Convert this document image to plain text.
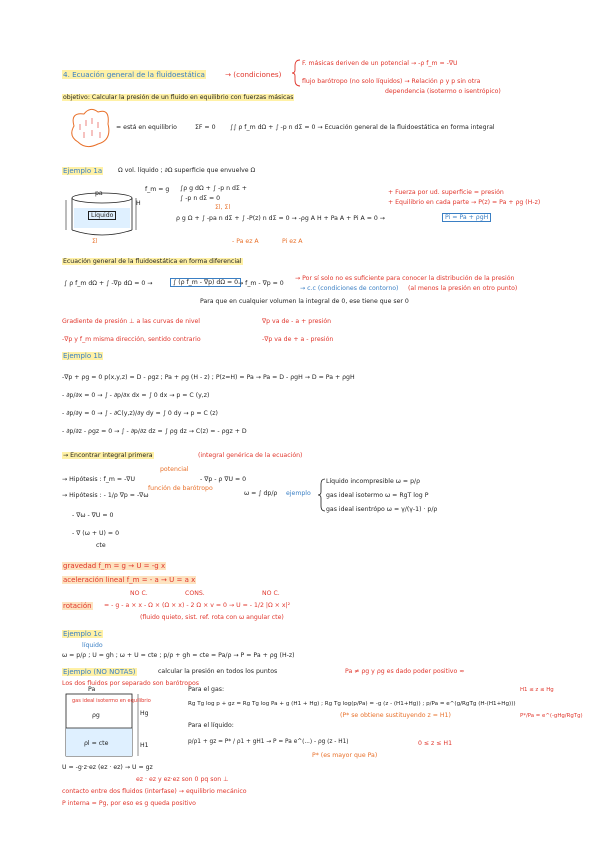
4. Ecuación general de la fluidoestática	→ (condiciones)
F. másicas deriven de un potencial → -ρ f_m = -∇U
flujo barótropo (no solo líquidos) → Relación ρ y p sin otra
dependencia (isotermo o isentrópico)
objetivo: Calcular la presión de un fluido en equilibrio con fuerzas másicas
= está en equilibrio	ΣF = 0 ∫∫ ρ f_m dΩ + ∫ -p n dΣ = 0 → Ecuación general de la fluidoestática en forma integral
Ejemplo 1a	Ω vol. líquido ; ∂Ω superficie que envuelve Ω
pa
Líquido
Σl
H
f_m = g ∫ρ g dΩ + ∫ -p n dΣ +
∫ -p n dΣ = 0
Σl, Σl
+ Fuerza por ud. superficie = presión
+ Equilibrio en cada parte → P(z) = Pa + ρg (H-z)
ρ g Ω + ∫ -pa n dΣ + ∫ -P(z) n dΣ = 0 → -ρg A H + Pa A + Pi A = 0 →	Pi = Pa + ρgH
- Pa ez A	Pi ez A
Ecuación general de la fluidoestática en forma diferencial
∫ ρ f_m dΩ + ∫ -∇p dΩ = 0 →	∫ (ρ f_m - ∇p) dΩ = 0 → f_m - ∇p = 0
→ Por sí solo no es suficiente para conocer la distribución de la presión
→ c.c (condiciones de contorno) (al menos la presión en otro punto)
Para que en cualquier volumen la integral de 0, ese tiene que ser 0
Gradiente de presión ⊥ a las curvas de nivel	∇p va de - a + presión
-∇p y f_m misma dirección, sentido contrario	-∇p va de + a - presión
Ejemplo 1b
-∇p + ρg = 0 p(x,y,z) = D - ρgz ; Pa + ρg (H - z) ; P(z=H) = Pa → Pa = D - ρgH → D = Pa + ρgH
- ∂p/∂x = 0 → ∫ - ∂p/∂x dx = ∫ 0 dx → p = C (y,z)
- ∂p/∂y = 0 → ∫ - ∂C(y,z)/∂y dy = ∫ 0 dy → p = C (z)
- ∂p/∂z - ρgz = 0 → ∫ - ∂p/∂z dz = ∫ ρg dz → C(z) = - ρgz + D
→ Encontrar integral primera	(integral genérica de la ecuación)
potencial
→ Hipótesis : f_m = -∇U	- ∇p - ρ ∇U = 0
→ Hipótesis : - 1/ρ ∇p = -∇ω
función de barótropo
ω = ∫ dp/ρ ejemplo
Líquido incompresible ω = p/ρ
gas ideal isotermo ω = RgT log P
gas ideal isentrópo ω = γ/(γ-1) · p/ρ
- ∇ω - ∇U = 0
- ∇ (ω + U) = 0
cte
gravedad f_m = g → U = -g x
aceleración lineal f_m = - a → U = a x
NO C.	CONS.	NO C.
rotación = - g - a × x - Ω × (Ω × x) - 2 Ω × v = 0 → U = - 1/2 |Ω × x|²
(fluido quieto, sist. ref. rota con ω angular cte)
Ejemplo 1c
líquido
ω = p/ρ ; U = gh ; ω + U = cte ; p/ρ + gh = cte = Pa/ρ → P = Pa + ρg (H-z)
Ejemplo (NO NOTAS)	calcular la presión en todos los puntos	Pa ≠ ρg y ρg es dado poder positivo ≈
Los dos fluidos por separado son barótropos
Pa
gas ideal isotermo en equilibrio
ρg
ρl = cte
Hg
H1
Para el gas:
Rg Tg log p + gz = Rg Tg log Pa + g (H1 + Hg) ; Rg Tg log(p/Pa) = -g (z - (H1+Hg)) ; p/Pa = e^(g/RgTg (H-(H1+Hg)))
(P* se obtiene sustituyendo z = H1)
H1 ≤ z ≤ Hg
P*/Pa = e^(-gHg/RgTg)
Para el líquido:
p/ρ1 + gz = P* / ρ1 + gH1 → P = Pa e^(...) - ρg (z - H1)	0 ≤ z ≤ H1
P* (es mayor que Pa)
U = -g·z·ez (ez · ez) → U = gz
ez · ez y ez·ez son 0 pq son ⊥
contacto entre dos fluidos (interfase) → equilibrio mecánico
P interna = Pg, por eso es g queda positivo
